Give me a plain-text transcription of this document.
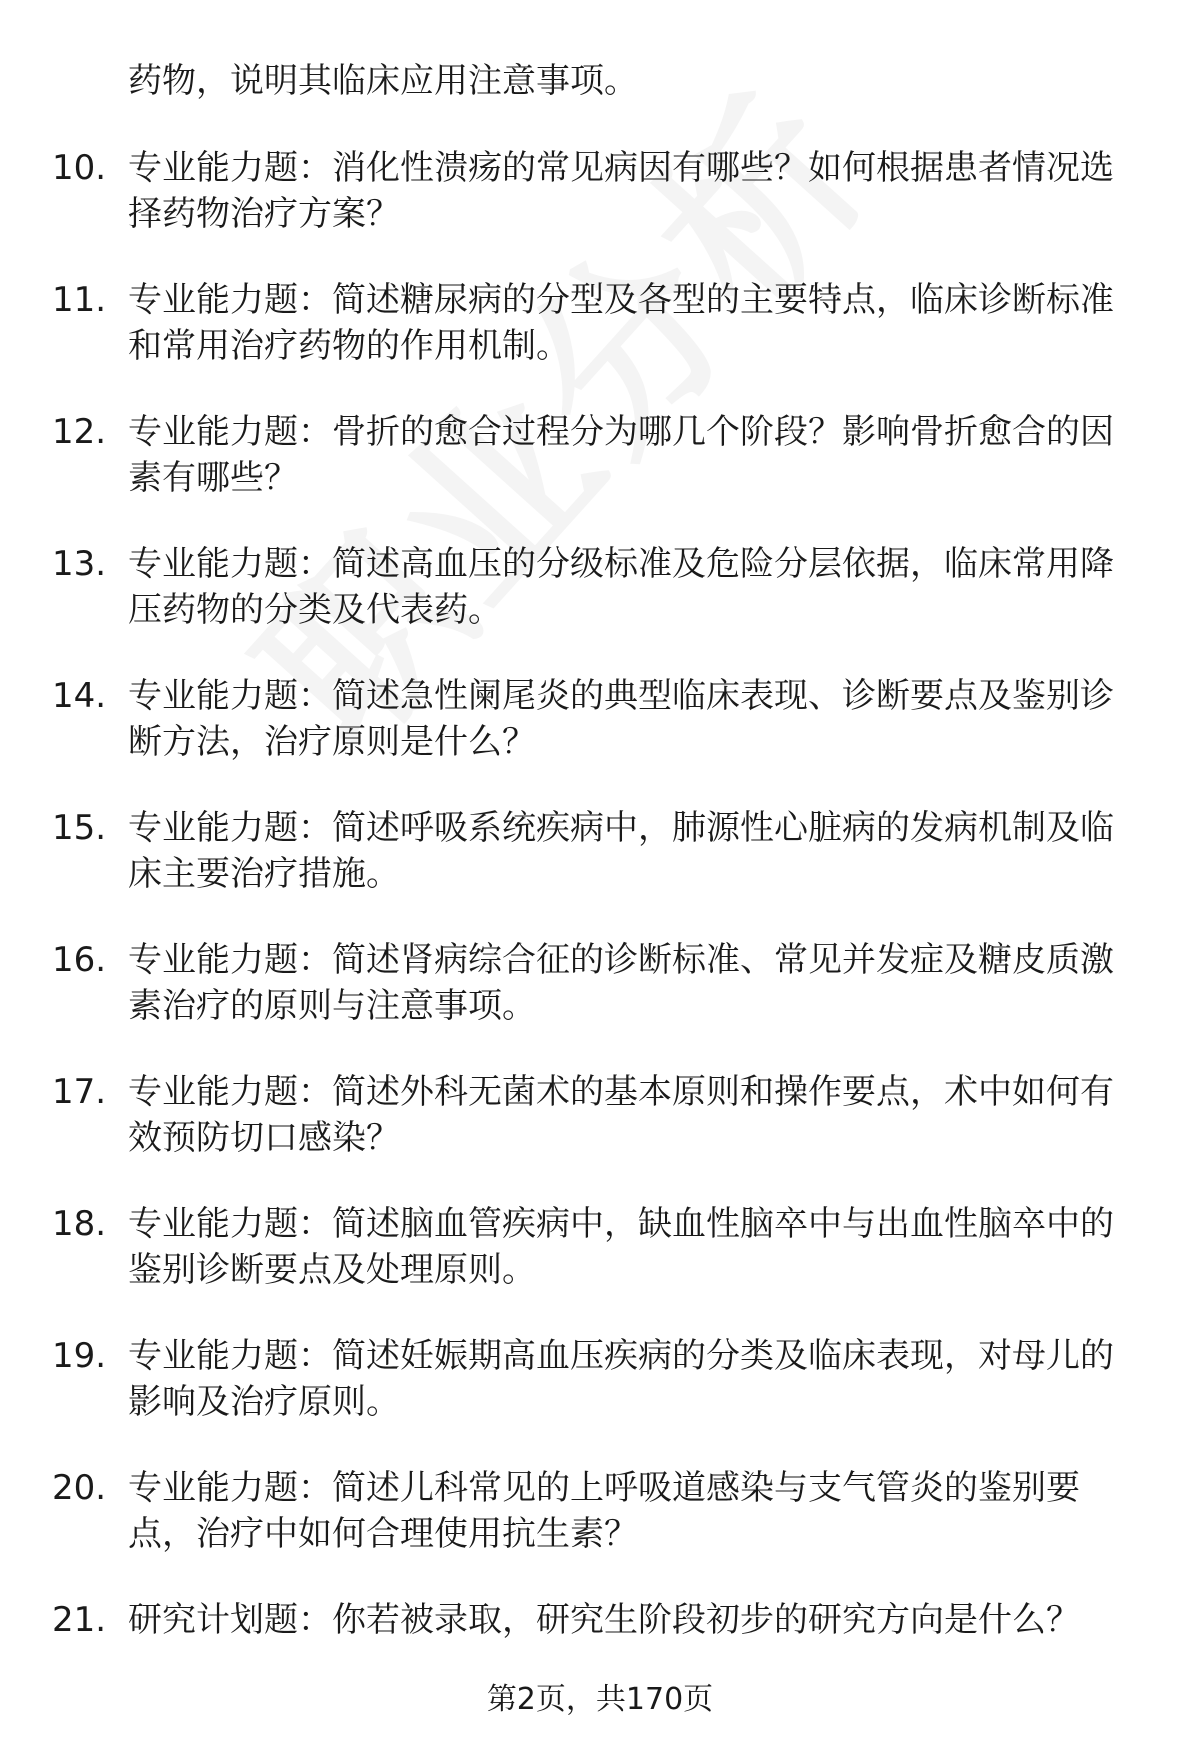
药物，说明其临床应用注意事项。

10. 专业能力题：消化性溃疡的常见病因有哪些？如何根据患者情况选择药物治疗方案？

11. 专业能力题：简述糖尿病的分型及各型的主要特点，临床诊断标准和常用治疗药物的作用机制。

12. 专业能力题：骨折的愈合过程分为哪几个阶段？影响骨折愈合的因素有哪些？

13. 专业能力题：简述高血压的分级标准及危险分层依据，临床常用降压药物的分类及代表药。

14. 专业能力题：简述急性阑尾炎的典型临床表现、诊断要点及鉴别诊断方法，治疗原则是什么？

15. 专业能力题：简述呼吸系统疾病中，肺源性心脏病的发病机制及临床主要治疗措施。

16. 专业能力题：简述肾病综合征的诊断标准、常见并发症及糖皮质激素治疗的原则与注意事项。

17. 专业能力题：简述外科无菌术的基本原则和操作要点，术中如何有效预防切口感染？

18. 专业能力题：简述脑血管疾病中，缺血性脑卒中与出血性脑卒中的鉴别诊断要点及处理原则。

19. 专业能力题：简述妊娠期高血压疾病的分类及临床表现，对母儿的影响及治疗原则。

20. 专业能力题：简述儿科常见的上呼吸道感染与支气管炎的鉴别要点，治疗中如何合理使用抗生素？

21. 研究计划题：你若被录取，研究生阶段初步的研究方向是什么？

第2页，共170页
